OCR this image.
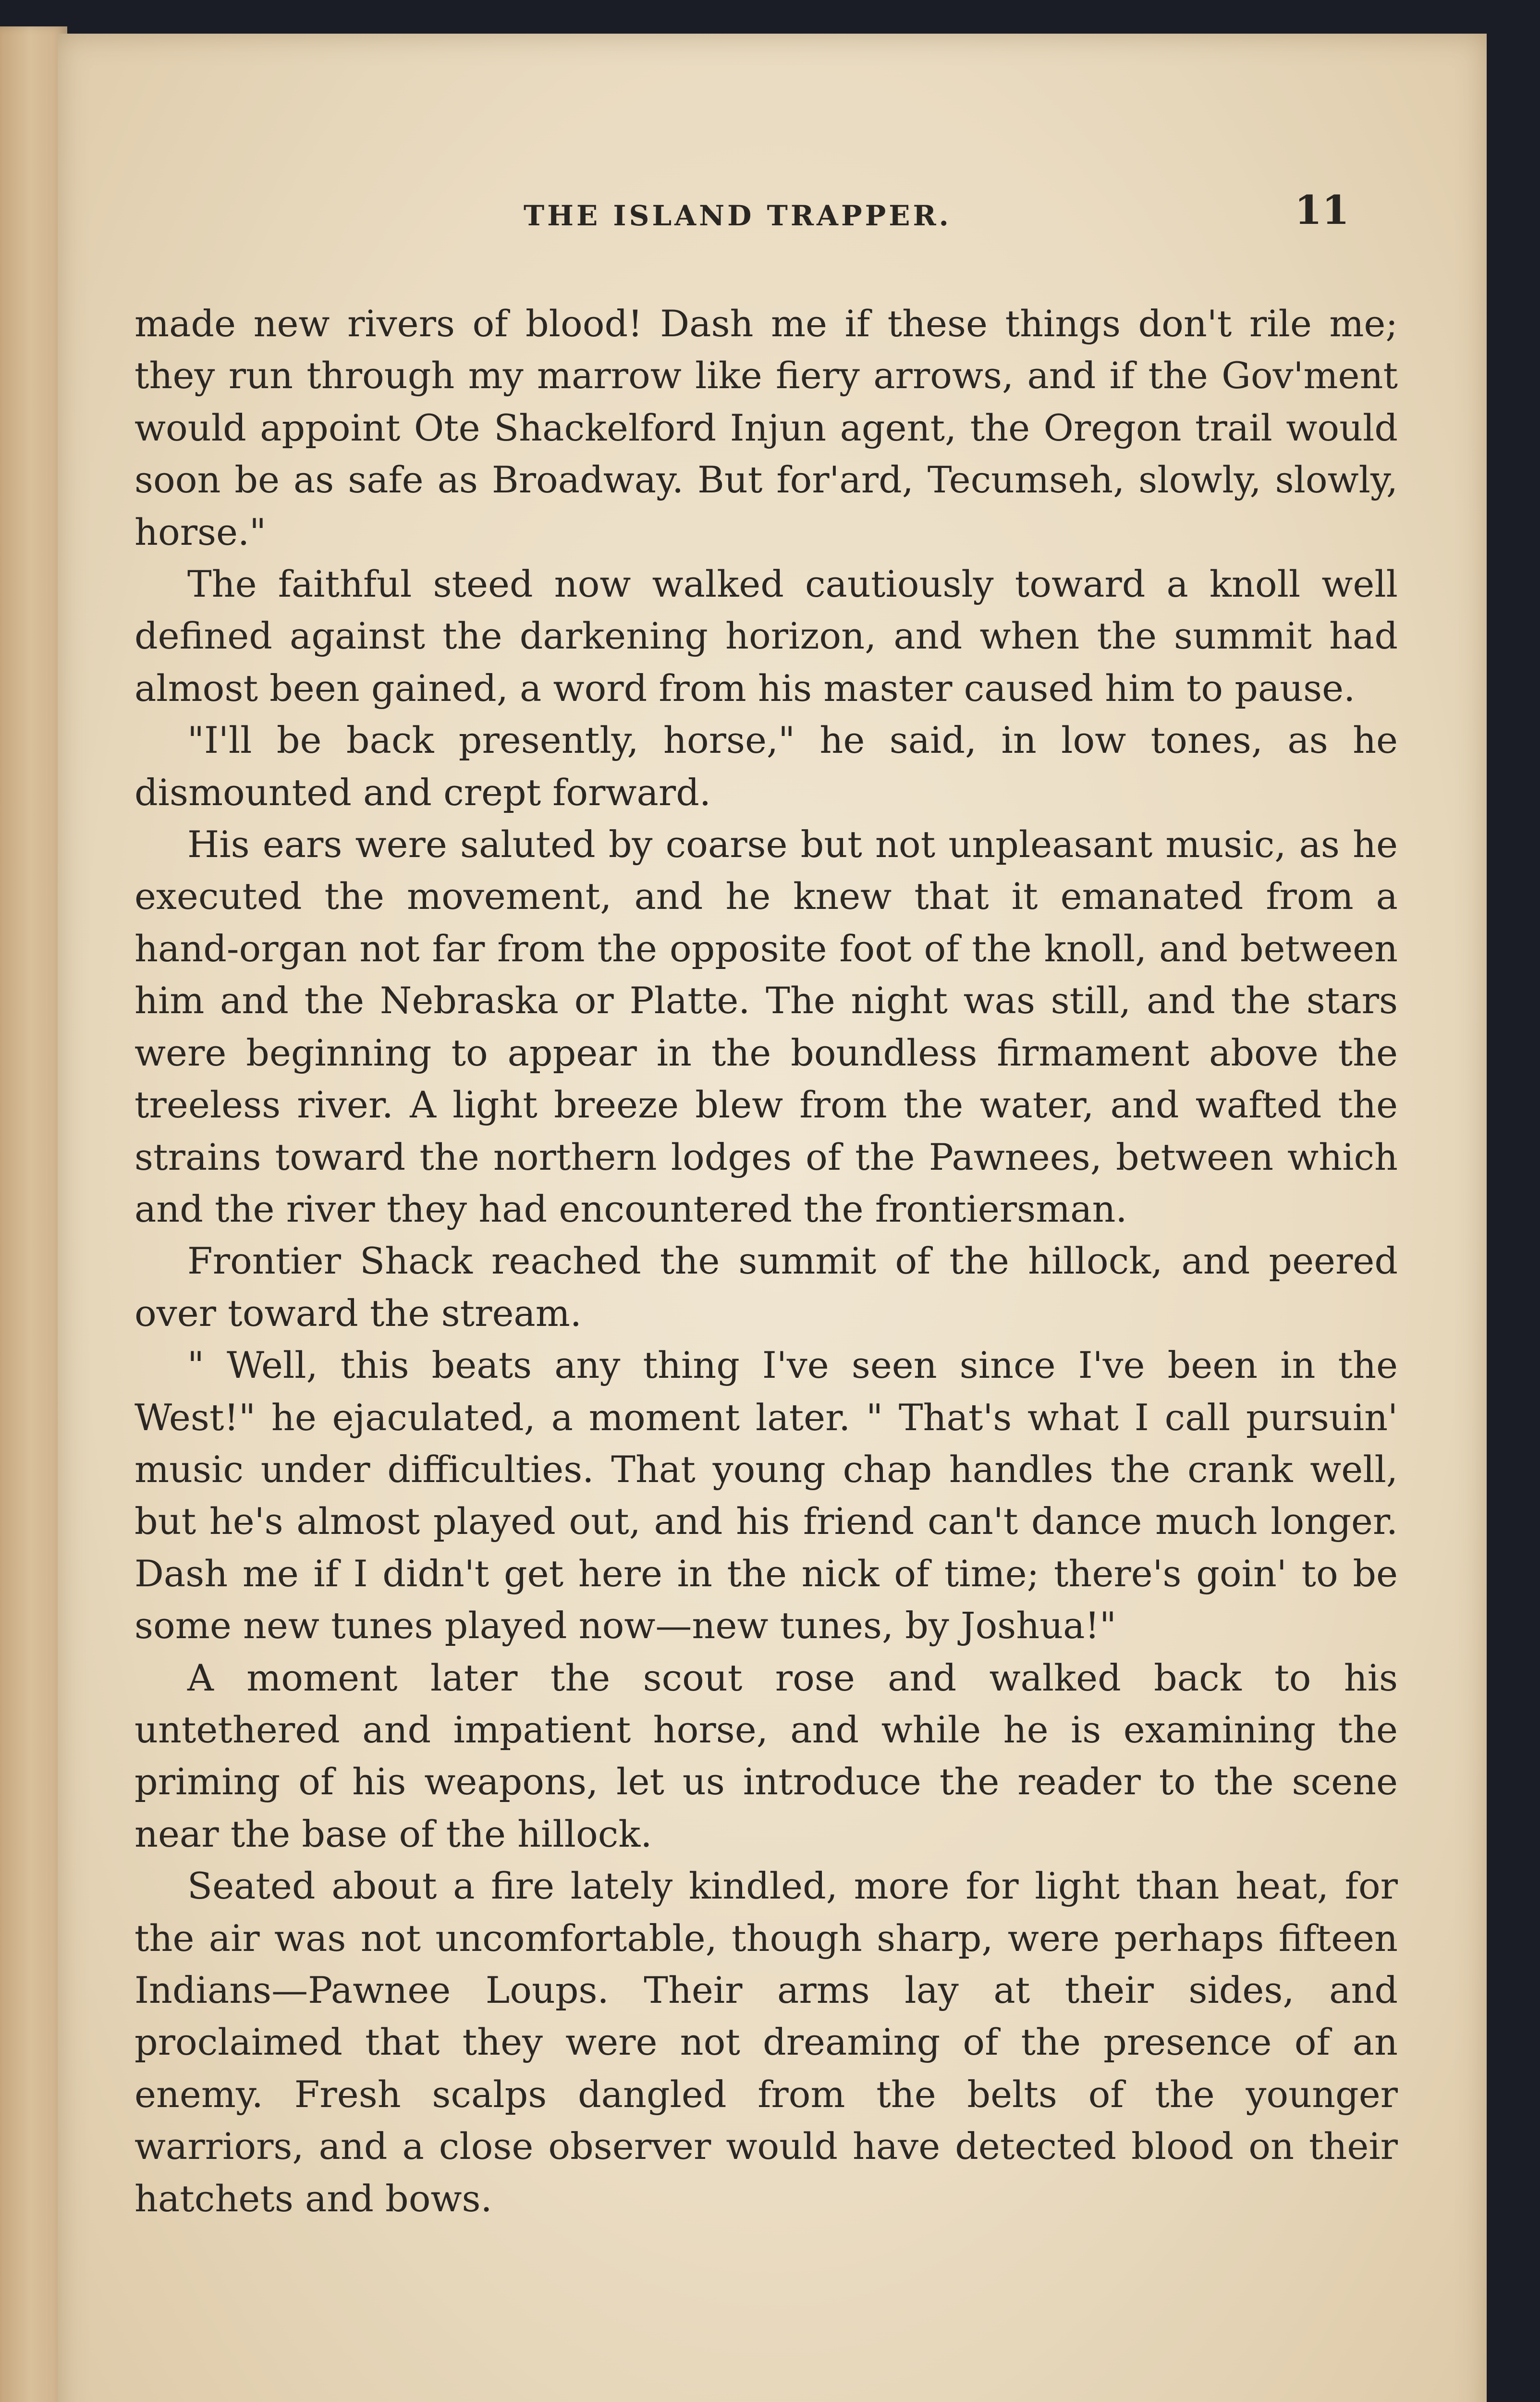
THE ISLAND TRAPPER.	11

made new rivers of blood! Dash me if these things don't rile me; they run through my marrow like fiery arrows, and if the Gov'ment would appoint Ote Shackelford Injun agent, the Oregon trail would soon be as safe as Broadway. But for'ard, Tecumseh, slowly, slowly, horse."

The faithful steed now walked cautiously toward a knoll well defined against the darkening horizon, and when the summit had almost been gained, a word from his master caused him to pause.

"I'll be back presently, horse," he said, in low tones, as he dismounted and crept forward.

His ears were saluted by coarse but not unpleasant music, as he executed the movement, and he knew that it emanated from a hand-organ not far from the opposite foot of the knoll, and between him and the Nebraska or Platte. The night was still, and the stars were beginning to appear in the boundless firmament above the treeless river. A light breeze blew from the water, and wafted the strains toward the northern lodges of the Pawnees, between which and the river they had encountered the frontiersman.

Frontier Shack reached the summit of the hillock, and peered over toward the stream.

" Well, this beats any thing I've seen since I've been in the West!" he ejaculated, a moment later. " That's what I call pursuin' music under difficulties. That young chap handles the crank well, but he's almost played out, and his friend can't dance much longer. Dash me if I didn't get here in the nick of time; there's goin' to be some new tunes played now—new tunes, by Joshua!"

A moment later the scout rose and walked back to his untethered and impatient horse, and while he is examining the priming of his weapons, let us introduce the reader to the scene near the base of the hillock.

Seated about a fire lately kindled, more for light than heat, for the air was not uncomfortable, though sharp, were perhaps fifteen Indians—Pawnee Loups. Their arms lay at their sides, and proclaimed that they were not dreaming of the presence of an enemy. Fresh scalps dangled from the belts of the younger warriors, and a close observer would have detected blood on their hatchets and bows.
